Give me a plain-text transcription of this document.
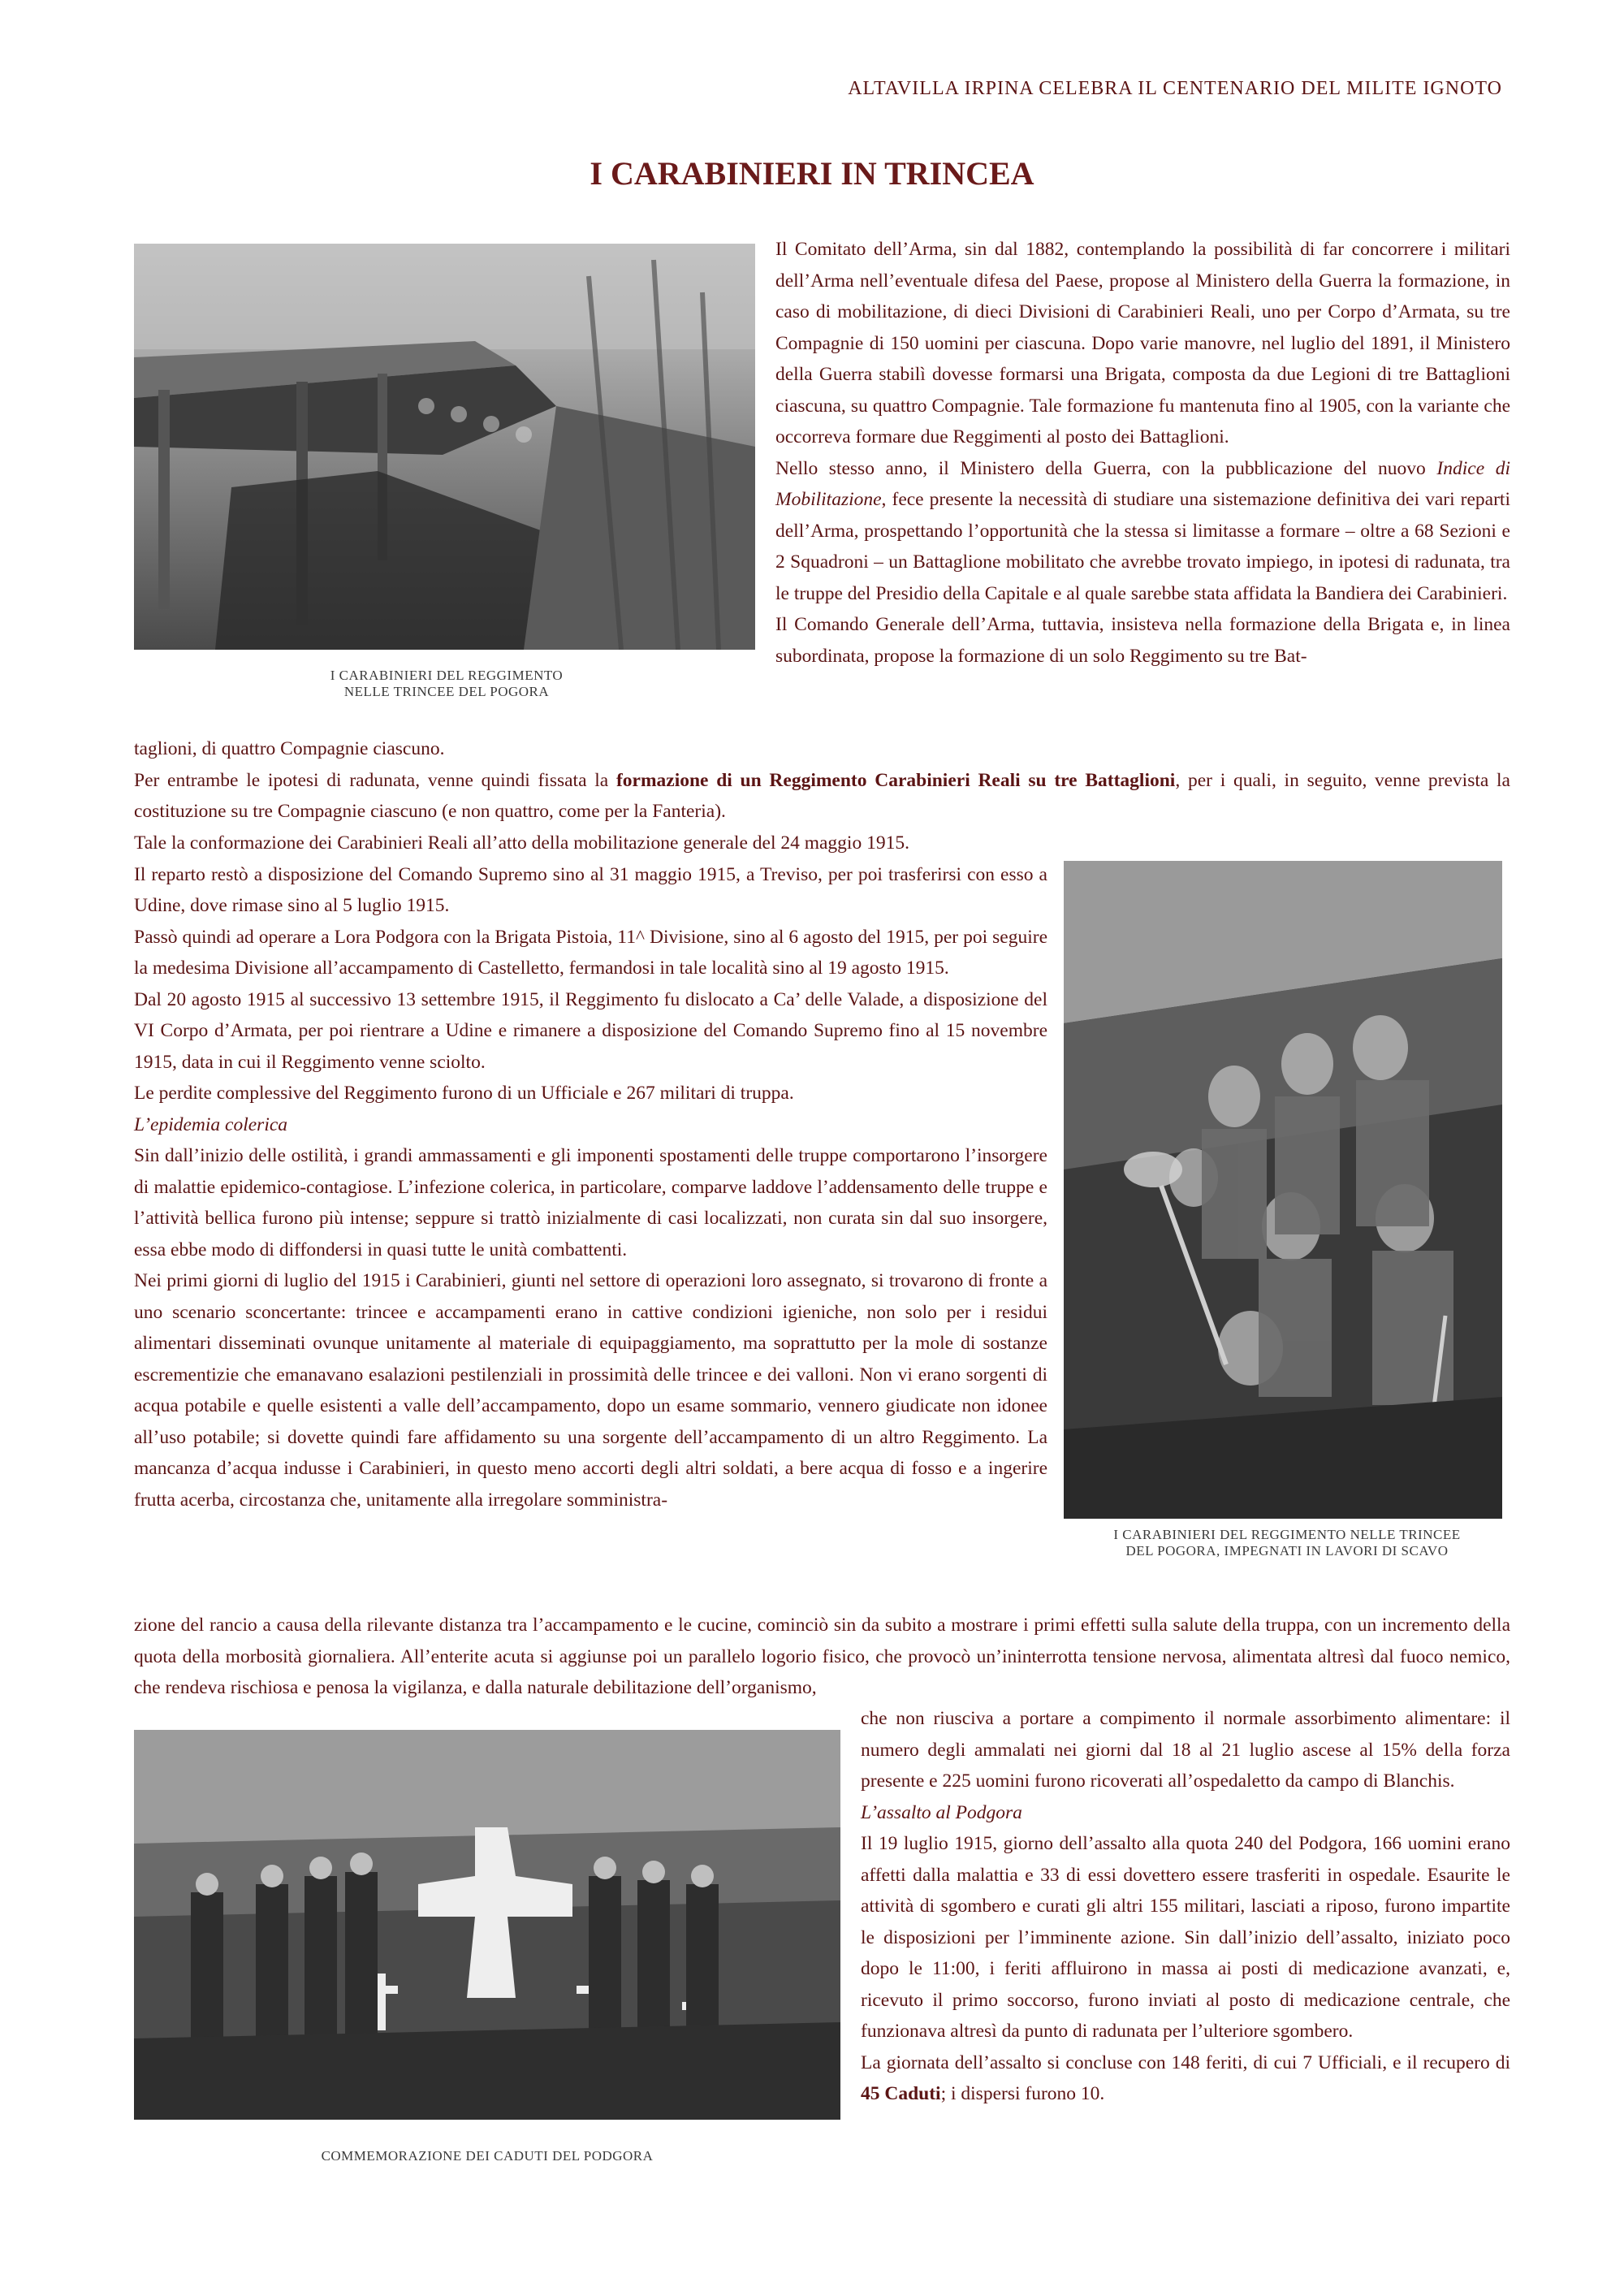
ALTAVILLA IRPINA CELEBRA IL CENTENARIO DEL MILITE IGNOTO
I CARABINIERI IN TRINCEA
I CARABINIERI DEL REGGIMENTO
NELLE TRINCEE DEL POGORA
I CARABINIERI DEL REGGIMENTO NELLE TRINCEE
DEL POGORA, IMPEGNATI IN LAVORI DI SCAVO
COMMEMORAZIONE DEI CADUTI DEL PODGORA

Il Comitato dell’Arma, sin dal 1882, contemplando la possibilità di far concorrere i militari dell’Arma nell’eventuale difesa del Paese, propose al Ministero della Guerra la formazione, in caso di mobilitazione, di dieci Divisioni di Carabinieri Reali, uno per Corpo d’Armata, su tre Compagnie di 150 uomini per ciascuna. Dopo varie manovre, nel luglio del 1891, il Ministero della Guerra stabilì dovesse formarsi una Brigata, composta da due Legioni di tre Battaglioni ciascuna, su quattro Compagnie. Tale formazione fu mantenuta fino al 1905, con la variante che occorreva formare due Reggimenti al posto dei Battaglioni.

Nello stesso anno, il Ministero della Guerra, con la pubblicazione del nuovo Indice di Mobilitazione, fece presente la necessità di studiare una sistemazione definitiva dei vari reparti dell’Arma, prospettando l’opportunità che la stessa si limitasse a formare – oltre a 68 Sezioni e 2 Squadroni – un Battaglione mobilitato che avrebbe trovato impiego, in ipotesi di radunata, tra le truppe del Presidio della Capitale e al quale sarebbe stata affidata la Bandiera dei Carabinieri.

Il Comando Generale dell’Arma, tuttavia, insisteva nella formazione della Brigata e, in linea subordinata, propose la formazione di un solo Reggimento su tre Bat-

taglioni, di quattro Compagnie ciascuno.

Per entrambe le ipotesi di radunata, venne quindi fissata la formazione di un Reggimento Carabinieri Reali su tre Battaglioni, per i quali, in seguito, venne prevista la costituzione su tre Compagnie ciascuno (e non quattro, come per la Fanteria).

Tale la conformazione dei Carabinieri Reali all’atto della mobilitazione generale del 24 maggio 1915.

Il reparto restò a disposizione del Comando Supremo sino al 31 maggio 1915, a Treviso, per poi trasferirsi con esso a Udine, dove rimase sino al 5 luglio 1915.

Passò quindi ad operare a Lora Podgora con la Brigata Pistoia, 11^ Divisione, sino al 6 agosto del 1915, per poi seguire la medesima Divisione all’accampamento di Castelletto, fermandosi in tale località sino al 19 agosto 1915.

Dal 20 agosto 1915 al successivo 13 settembre 1915, il Reggimento fu dislocato a Ca’ delle Valade, a disposizione del VI Corpo d’Armata, per poi rientrare a Udine e rimanere a disposizione del Comando Supremo fino al 15 novembre 1915, data in cui il Reggimento venne sciolto.

Le perdite complessive del Reggimento furono di un Ufficiale e 267 militari di truppa.

L’epidemia colerica

Sin dall’inizio delle ostilità, i grandi ammassamenti e gli imponenti spostamenti delle truppe comportarono l’insorgere di malattie epidemico-contagiose. L’infezione colerica, in particolare, comparve laddove l’addensamento delle truppe e l’attività bellica furono più intense; seppure si trattò inizialmente di casi localizzati, non curata sin dal suo insorgere, essa ebbe modo di diffondersi in quasi tutte le unità combattenti.

Nei primi giorni di luglio del 1915 i Carabinieri, giunti nel settore di operazioni loro assegnato, si trovarono di fronte a uno scenario sconcertante: trincee e accampamenti erano in cattive condizioni igieniche, non solo per i residui alimentari disseminati ovunque unitamente al materiale di equipaggiamento, ma soprattutto per la mole di sostanze escrementizie che emanavano esalazioni pestilenziali in prossimità delle trincee e dei valloni. Non vi erano sorgenti di acqua potabile e quelle esistenti a valle dell’accampamento, dopo un esame sommario, vennero giudicate non idonee all’uso potabile; si dovette quindi fare affidamento su una sorgente dell’accampamento di un altro Reggimento. La mancanza d’acqua indusse i Carabinieri, in questo meno accorti degli altri soldati, a bere acqua di fosso e a ingerire frutta acerba, circostanza che, unitamente alla irregolare somministra-

zione del rancio a causa della rilevante distanza tra l’accampamento e le cucine, cominciò sin da subito a mostrare i primi effetti sulla salute della truppa, con un incremento della quota della morbosità giornaliera. All’enterite acuta si aggiunse poi un parallelo logorio fisico, che provocò un’ininterrotta tensione nervosa, alimentata altresì dal fuoco nemico, che rendeva rischiosa e penosa la vigilanza, e dalla naturale debilitazione dell’organismo,

che non riusciva a portare a compimento il normale assorbimento alimentare: il numero degli ammalati nei giorni dal 18 al 21 luglio ascese al 15% della forza presente e 225 uomini furono ricoverati all’ospedaletto da campo di Blanchis.

L’assalto al Podgora

Il 19 luglio 1915, giorno dell’assalto alla quota 240 del Podgora, 166 uomini erano affetti dalla malattia e 33 di essi dovettero essere trasferiti in ospedale. Esaurite le attività di sgombero e curati gli altri 155 militari, lasciati a riposo, furono impartite le disposizioni per l’imminente azione. Sin dall’inizio dell’assalto, iniziato poco dopo le 11:00, i feriti affluirono in massa ai posti di medicazione avanzati, e, ricevuto il primo soccorso, furono inviati al posto di medicazione centrale, che funzionava altresì da punto di radunata per l’ulteriore sgombero.

La giornata dell’assalto si concluse con 148 feriti, di cui 7 Ufficiali, e il recupero di 45 Caduti; i dispersi furono 10.
